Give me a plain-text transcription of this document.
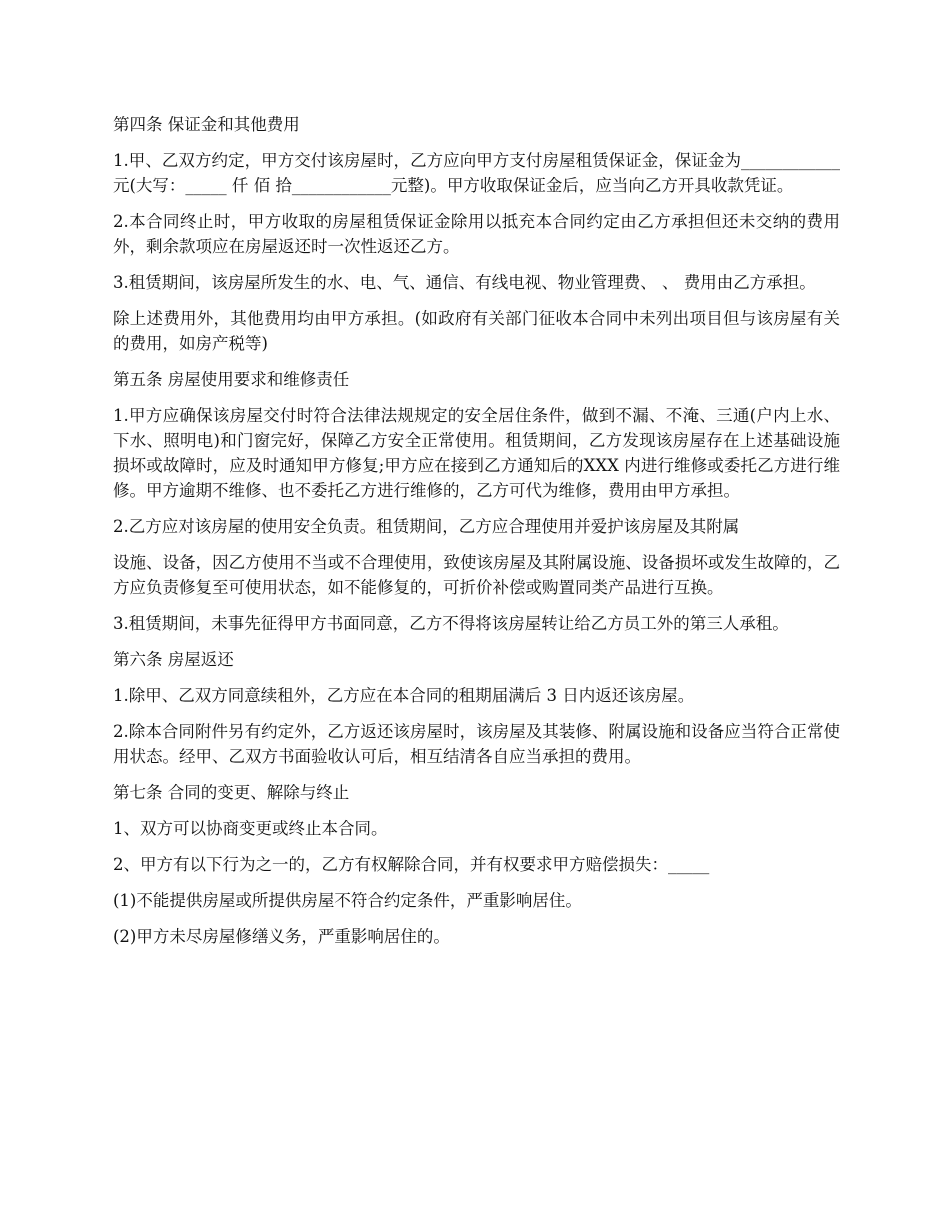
第四条 保证金和其他费用

1.甲、乙双方约定，甲方交付该房屋时，乙方应向甲方支付房屋租赁保证金，保证金为____________元(大写：_____ 仟 佰 拾____________元整)。甲方收取保证金后，应当向乙方开具收款凭证。

2.本合同终止时，甲方收取的房屋租赁保证金除用以抵充本合同约定由乙方承担但还未交纳的费用外，剩余款项应在房屋返还时一次性返还乙方。

3.租赁期间，该房屋所发生的水、电、气、通信、有线电视、物业管理费、 、 费用由乙方承担。

除上述费用外，其他费用均由甲方承担。(如政府有关部门征收本合同中未列出项目但与该房屋有关的费用，如房产税等)

第五条 房屋使用要求和维修责任

1.甲方应确保该房屋交付时符合法律法规规定的安全居住条件，做到不漏、不淹、三通(户内上水、下水、照明电)和门窗完好，保障乙方安全正常使用。租赁期间，乙方发现该房屋存在上述基础设施损坏或故障时，应及时通知甲方修复;甲方应在接到乙方通知后的XXX 内进行维修或委托乙方进行维修。甲方逾期不维修、也不委托乙方进行维修的，乙方可代为维修，费用由甲方承担。

2.乙方应对该房屋的使用安全负责。租赁期间，乙方应合理使用并爱护该房屋及其附属

设施、设备，因乙方使用不当或不合理使用，致使该房屋及其附属设施、设备损坏或发生故障的，乙方应负责修复至可使用状态，如不能修复的，可折价补偿或购置同类产品进行互换。

3.租赁期间，未事先征得甲方书面同意，乙方不得将该房屋转让给乙方员工外的第三人承租。

第六条 房屋返还

1.除甲、乙双方同意续租外，乙方应在本合同的租期届满后 3 日内返还该房屋。

2.除本合同附件另有约定外，乙方返还该房屋时，该房屋及其装修、附属设施和设备应当符合正常使用状态。经甲、乙双方书面验收认可后，相互结清各自应当承担的费用。

第七条 合同的变更、解除与终止

1、双方可以协商变更或终止本合同。

2、甲方有以下行为之一的，乙方有权解除合同，并有权要求甲方赔偿损失：_____

(1)不能提供房屋或所提供房屋不符合约定条件，严重影响居住。

(2)甲方未尽房屋修缮义务，严重影响居住的。
